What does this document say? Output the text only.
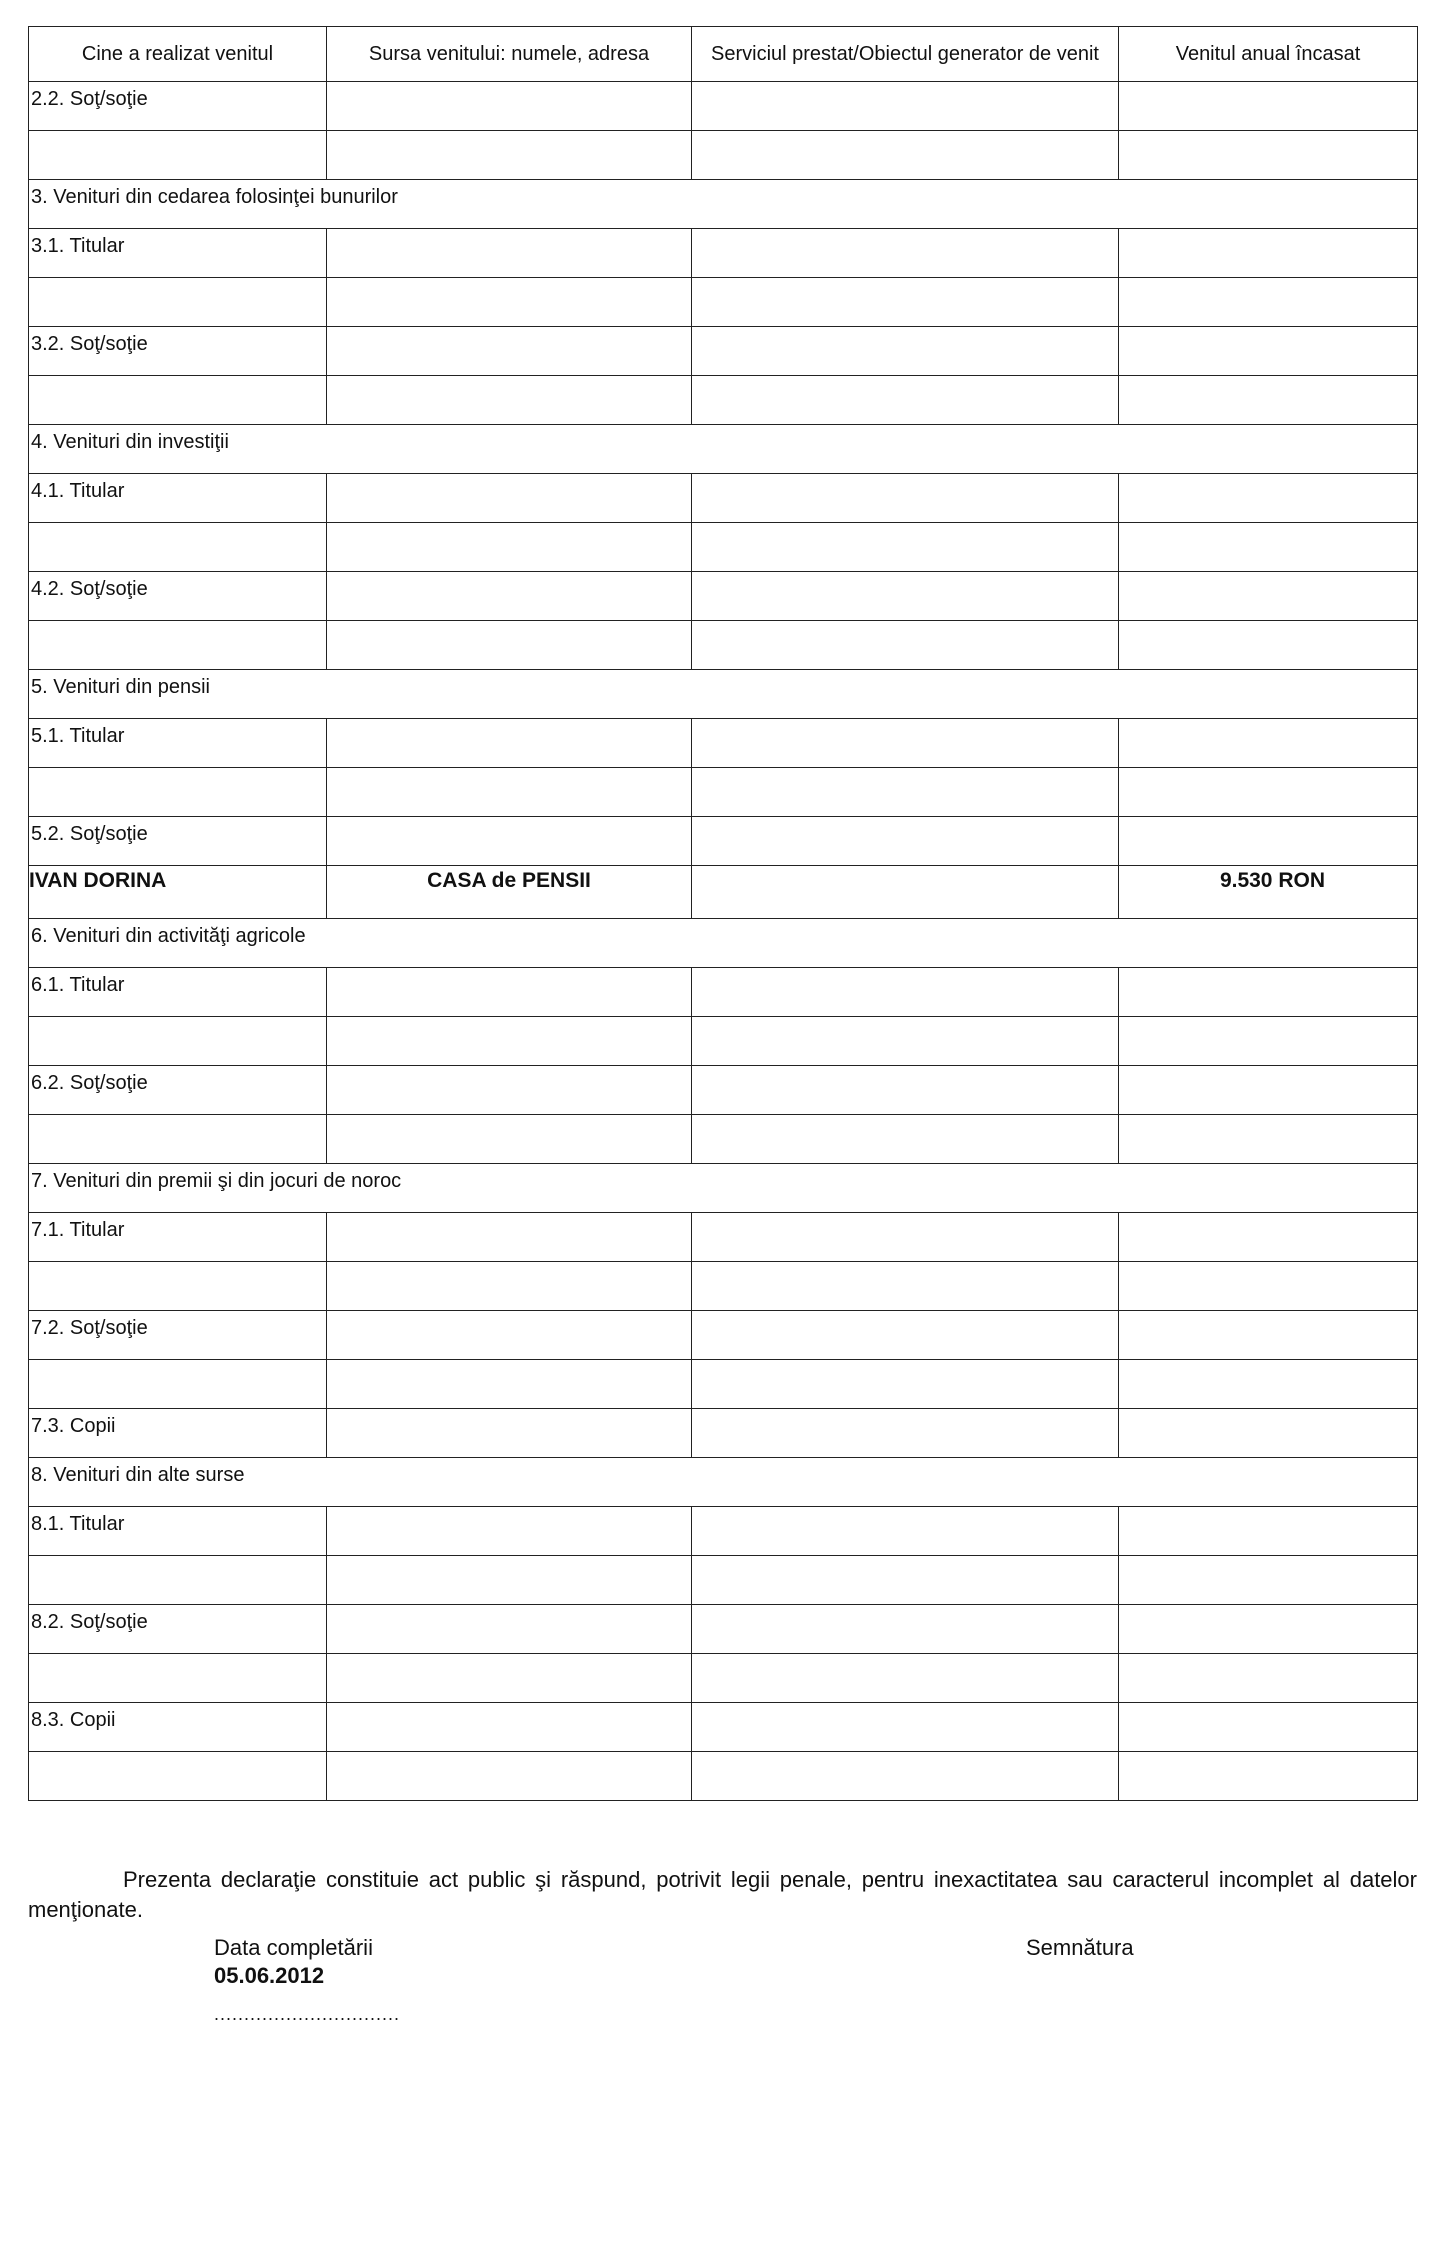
Cine a realizat venitul	Sursa venitului: numele, adresa	Serviciul prestat/Obiectul generator de venit	Venitul anual încasat

2.2. Soţ/soţie			

3. Venituri din cedarea folosinţei bunurilor			

3.1. Titular			

3.2. Soţ/soţie			

4. Venituri din investiţii			

4.1. Titular			

4.2. Soţ/soţie			

5. Venituri din pensii			

5.1. Titular			

5.2. Soţ/soţie			

IVAN DORINA	CASA de PENSII		9.530 RON

6. Venituri din activităţi agricole			

6.1. Titular			

6.2. Soţ/soţie			

7. Venituri din premii şi din jocuri de noroc			

7.1. Titular			

7.2. Soţ/soţie			

7.3. Copii			

8. Venituri din alte surse			

8.1. Titular			

8.2. Soţ/soţie			

8.3. Copii			

Prezenta declaraţie constituie act public şi răspund, potrivit legii penale, pentru inexactitatea sau caracterul incomplet al datelor menţionate.

Data completării
05.06.2012
...............................
Semnătura
